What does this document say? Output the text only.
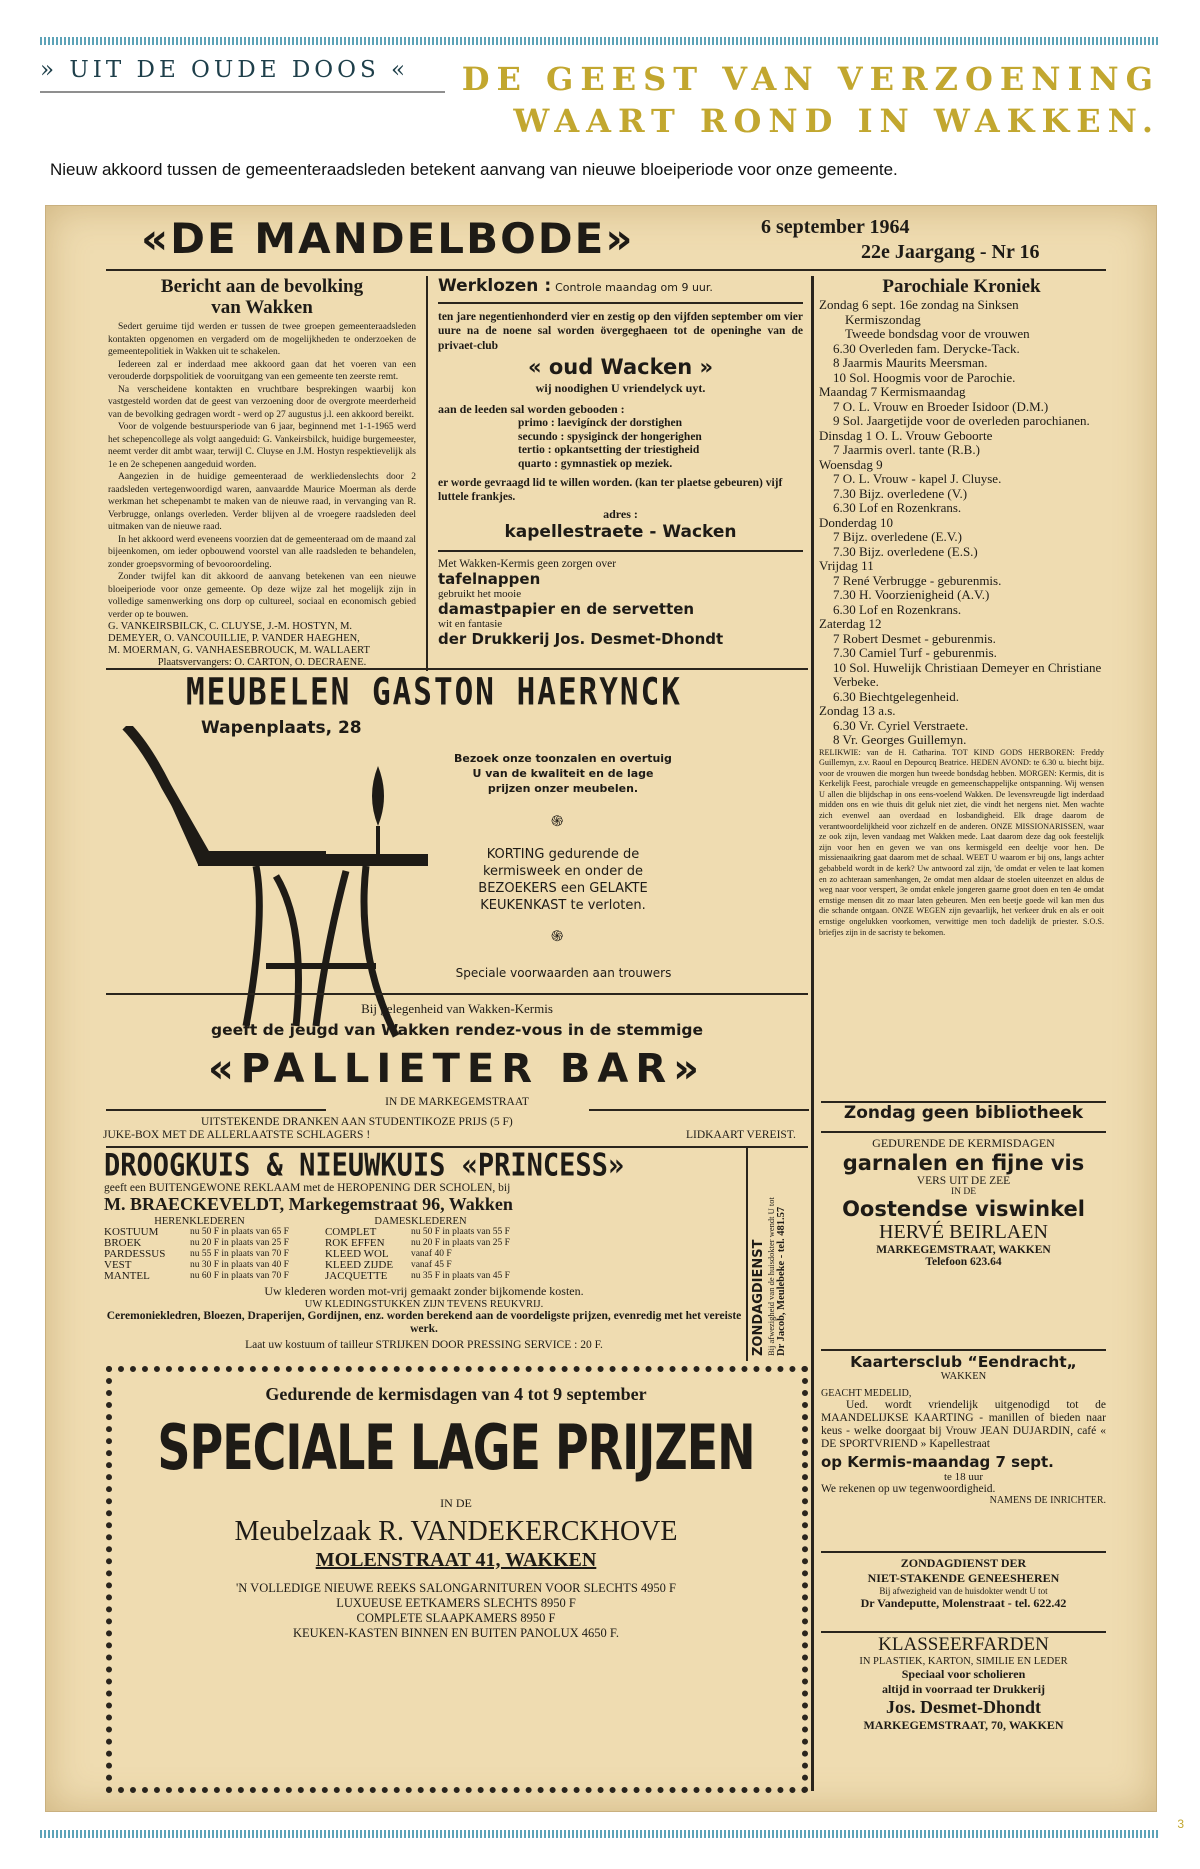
» UIT DE OUDE DOOS «	DE GEEST VAN VERZOENING
WAART ROND IN WAKKEN.
Nieuw akkoord tussen de gemeenteraadsleden betekent aanvang van nieuwe bloeiperiode voor onze gemeente.
«DE MANDELBODE»	6 september 1964
22e Jaargang - Nr 16
Bericht aan de bevolking
van Wakken
Sedert geruime tijd werden er tussen de twee groepen gemeenteraadsleden kontakten opgenomen en vergaderd om de mogelijkheden te onderzoeken de gemeentepolitiek in Wakken uit te schakelen.
Iedereen zal er inderdaad mee akkoord gaan dat het voeren van een verouderde dorpspolitiek de vooruitgang van een gemeente ten zeerste remt.
Na verscheidene kontakten en vruchtbare besprekingen waarbij kon vastgesteld worden dat de geest van verzoening door de overgrote meerderheid van de bevolking gedragen wordt - werd op 27 augustus j.l. een akkoord bereikt.
Voor de volgende bestuursperiode van 6 jaar, beginnend met 1-1-1965 werd het schepencollege als volgt aangeduid: G. Vankeirsbilck, huidige burgemeester, neemt verder dit ambt waar, terwijl C. Cluyse en J.M. Hostyn respektievelijk als 1e en 2e schepenen aangeduid worden.
Aangezien in de huidige gemeenteraad de werkliedenslechts door 2 raadsleden vertegenwoordigd waren, aanvaardde Maurice Moerman als derde werkman het schepenambt te maken van de nieuwe raad, in vervanging van R. Verbrugge, onlangs overleden. Verder blijven al de vroegere raadsleden deel uitmaken van de nieuwe raad.
In het akkoord werd eveneens voorzien dat de gemeenteraad om de maand zal bijeenkomen, om ieder opbouwend voorstel van alle raadsleden te behandelen, zonder groepsvorming of bevooroordeling.
Zonder twijfel kan dit akkoord de aanvang betekenen van een nieuwe bloeiperiode voor onze gemeente. Op deze wijze zal het mogelijk zijn in volledige samenwerking ons dorp op cultureel, sociaal en economisch gebied verder op te bouwen.
G. VANKEIRSBILCK, C. CLUYSE, J.-M. HOSTYN, M.
DEMEYER, O. VANCOUILLIE, P. VANDER HAEGHEN,
M. MOERMAN, G. VANHAESEBROUCK, M. WALLAERT
Plaatsvervangers: O. CARTON, O. DECRAENE.
Werklozen : Controle maandag om 9 uur.
ten jare negentienhonderd vier en zestig op den vijfden september om vier uure na de noene sal worden övergeghaeen tot de openinghe van de privaet-club
« oud Wacken »
wij noodighen U vriendelyck uyt.
aan de leeden sal worden gebooden :
primo : laevigínck der dorstighen
secundo : spysiginck der hongerighen
tertio : opkantsetting der triestigheid
quarto : gymnastiek op meziek.
er worde gevraagd lid te willen worden. (kan ter plaetse gebeuren) vijf luttele frankjes.
adres :
kapellestraete - Wacken
Met Wakken-Kermis geen zorgen over
tafelnappen
gebruikt het mooie
damastpapier en de servetten
wit en fantasie
der Drukkerij Jos. Desmet-Dhondt
MEUBELEN GASTON HAERYNCK
Wapenplaats, 28
Bezoek onze toonzalen en overtuig U van de kwaliteit en de lage prijzen onzer meubelen.
֍
KORTING gedurende de kermisweek en onder de BEZOEKERS een GELAKTE KEUKENKAST te verloten.
֍
Speciale voorwaarden aan trouwers
Bij gelegenheid van Wakken-Kermis
geeft de jeugd van Wakken rendez-vous in de stemmige
«PALLIETER BAR»
IN DE MARKEGEMSTRAAT
UITSTEKENDE DRANKEN AAN STUDENTIKOZE PRIJS (5 F)
JUKE-BOX MET DE ALLERLAATSTE SCHLAGERS !	LIDKAART VEREIST.
DROOGKUIS & NIEUWKUIS «PRINCESS»
geeft een BUITENGEWONE REKLAAM met de HEROPENING DER SCHOLEN, bij
M. BRAECKEVELDT, Markegemstraat 96, Wakken
HERENKLEDEREN
KOSTUUM	nu 50 F in plaats van 65 F
BROEK	nu 20 F in plaats van 25 F
PARDESSUS	nu 55 F in plaats van 70 F
VEST	nu 30 F in plaats van 40 F
MANTEL	nu 60 F in plaats van 70 F
DAMESKLEDEREN
COMPLET	nu 50 F in plaats van 55 F
ROK EFFEN	nu 20 F in plaats van 25 F
KLEED WOL	vanaf 40 F
KLEED ZIJDE	vanaf 45 F
JACQUETTE	nu 35 F in plaats van 45 F
Uw klederen worden mot-vrij gemaakt zonder bijkomende kosten.
UW KLEDINGSTUKKEN ZIJN TEVENS REUKVRIJ.
Ceremoniekledren, Bloezen, Draperijen, Gordijnen, enz. worden berekend aan de voordeligste prijzen, evenredig met het vereiste werk.
Laat uw kostuum of tailleur STRIJKEN DOOR PRESSING SERVICE : 20 F.	ZONDAGDIENST Bij afwezigheid van de huisdokter wendt U tot Dr Jacob, Meulebeke - tel. 481.57
Gedurende de kermisdagen van 4 tot 9 september
SPECIALE LAGE PRIJZEN
IN DE
Meubelzaak R. VANDEKERCKHOVE
MOLENSTRAAT 41, WAKKEN
'N VOLLEDIGE NIEUWE REEKS SALONGARNITUREN VOOR SLECHTS 4950 F
LUXUEUSE EETKAMERS SLECHTS 8950 F
COMPLETE SLAAPKAMERS 8950 F
KEUKEN-KASTEN BINNEN EN BUITEN PANOLUX 4650 F.
Parochiale Kroniek
Zondag 6 sept. 16e zondag na Sinksen
Kermiszondag
Tweede bondsdag voor de vrouwen
6.30 Overleden fam. Derycke-Tack.
8 Jaarmis Maurits Meersman.
10 Sol. Hoogmis voor de Parochie.
Maandag 7 Kermismaandag
7 O. L. Vrouw en Broeder Isidoor (D.M.)
9 Sol. Jaargetijde voor de overleden parochianen.
Dinsdag 1 O. L. Vrouw Geboorte
7 Jaarmis overl. tante (R.B.)
Woensdag 9
7 O. L. Vrouw - kapel J. Cluyse.
7.30 Bijz. overledene (V.)
6.30 Lof en Rozenkrans.
Donderdag 10
7 Bijz. overledene (E.V.)
7.30 Bijz. overledene (E.S.)
Vrijdag 11
7 René Verbrugge - geburenmis.
7.30 H. Voorzienigheid (A.V.)
6.30 Lof en Rozenkrans.
Zaterdag 12
7 Robert Desmet - geburenmis.
7.30 Camiel Turf - geburenmis.
10 Sol. Huwelijk Christiaan Demeyer en Christiane Verbeke.
6.30 Biechtgelegenheid.
Zondag 13 a.s.
6.30 Vr. Cyriel Verstraete.
8 Vr. Georges Guillemyn.
RELIKWIE: van de H. Catharina. TOT KIND GODS HERBOREN: Freddy Guillemyn, z.v. Raoul en Depourcq Beatrice. HEDEN AVOND: te 6.30 u. biecht bijz. voor de vrouwen die morgen hun tweede bondsdag hebben. MORGEN: Kermis, dit is Kerkelijk Feest, parochiale vreugde en gemeenschappelijke ontspanning. Wij wensen U allen die blijdschap in ons eens-voelend Wakken. De levensvreugde ligt inderdaad midden ons en wie thuis dit geluk niet ziet, die vindt het nergens niet. Men wachte zich evenwel aan overdaad en losbandigheid. Elk drage daarom de verantwoordelijkheid voor zichzelf en de anderen. ONZE MISSIONARISSEN, waar ze ook zijn, leven vandaag met Wakken mede. Laat daarom deze dag ook feestelijk zijn voor hen en geven we van ons kermisgeld een deeltje voor hen. De missienaaikring gaat daarom met de schaal. WEET U waarom er bij ons, langs achter gebabbeld wordt in de kerk? Uw antwoord zal zijn, 'de omdat er velen te laat komen en zo achteraan samenhangen, 2e omdat men aldaar de stoelen uiteenzet en aldus de weg naar voor verspert, 3e omdat enkele jongeren gaarne groot doen en ten 4e omdat ernstige mensen dit zo maar laten gebeuren. Men een beetje goede wil kan men dus die schande ontgaan. ONZE WEGEN zijn gevaarlijk, het verkeer druk en als er ooit ernstige ongelukken voorkomen, verwittige men toch dadelijk de priester. S.O.S. briefjes zijn in de sacristy te bekomen.
Zondag geen bibliotheek
GEDURENDE DE KERMISDAGEN
garnalen en fijne vis
VERS UIT DE ZEE
IN DE
Oostendse viswinkel
HERVÉ BEIRLAEN
MARKEGEMSTRAAT, WAKKEN
Telefoon 623.64
Kaartersclub “Eendracht„
WAKKEN
GEACHT MEDELID,
Ued. wordt vriendelijk uitgenodigd tot de MAANDELIJKSE KAARTING - manillen of bieden naar keus - welke doorgaat bij Vrouw JEAN DUJARDIN, café « DE SPORTVRIEND » Kapellestraat
op Kermis-maandag 7 sept.
te 18 uur
We rekenen op uw tegenwoordigheid.
NAMENS DE INRICHTER.
ZONDAGDIENST DER
NIET-STAKENDE GENEESHEREN
Bij afwezigheid van de huisdokter wendt U tot
Dr Vandeputte, Molenstraat - tel. 622.42
KLASSEERFARDEN
IN PLASTIEK, KARTON, SIMILIE EN LEDER
Speciaal voor scholieren
altijd in voorraad ter Drukkerij
Jos. Desmet-Dhondt
MARKEGEMSTRAAT, 70, WAKKEN
3
